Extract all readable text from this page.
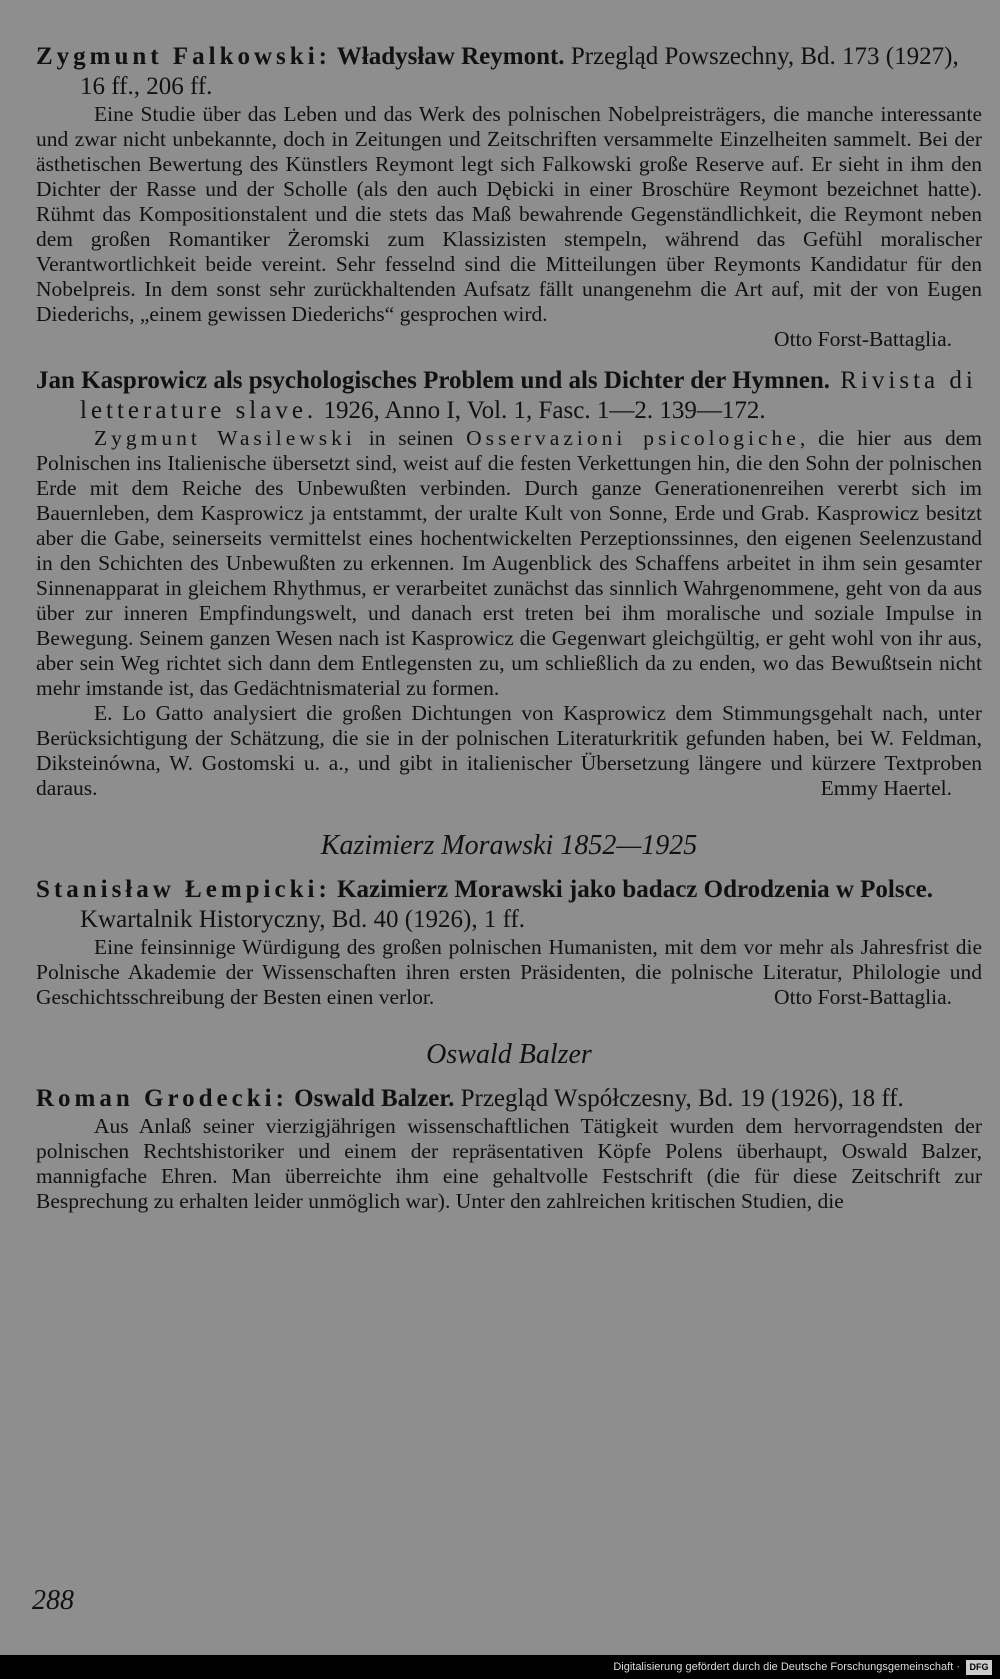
Zygmunt Falkowski: Władysław Reymont. Przegląd Powszechny, Bd. 173 (1927), 16 ff., 206 ff.
Eine Studie über das Leben und das Werk des polnischen Nobelpreisträgers, die manche interessante und zwar nicht unbekannte, doch in Zeitungen und Zeitschriften versammelte Einzelheiten sammelt. Bei der ästhetischen Bewertung des Künstlers Reymont legt sich Falkowski große Reserve auf. Er sieht in ihm den Dichter der Rasse und der Scholle (als den auch Dębicki in einer Broschüre Reymont bezeichnet hatte). Rühmt das Kompositionstalent und die stets das Maß bewahrende Gegenständlichkeit, die Reymont neben dem großen Romantiker Żeromski zum Klassizisten stempeln, während das Gefühl moralischer Verantwortlichkeit beide vereint. Sehr fesselnd sind die Mitteilungen über Reymonts Kandidatur für den Nobelpreis. In dem sonst sehr zurückhaltenden Aufsatz fällt unangenehm die Art auf, mit der von Eugen Diederichs, „einem gewissen Diederichs“ gesprochen wird.
Otto Forst-Battaglia.
Jan Kasprowicz als psychologisches Problem und als Dichter der Hymnen. Rivista di letterature slave. 1926, Anno I, Vol. 1, Fasc. 1—2. 139—172.
Zygmunt Wasilewski in seinen Osservazioni psicologiche, die hier aus dem Polnischen ins Italienische übersetzt sind, weist auf die festen Verkettungen hin, die den Sohn der polnischen Erde mit dem Reiche des Unbewußten verbinden. Durch ganze Generationenreihen vererbt sich im Bauernleben, dem Kasprowicz ja entstammt, der uralte Kult von Sonne, Erde und Grab. Kasprowicz besitzt aber die Gabe, seinerseits vermittelst eines hochentwickelten Perzeptionssinnes, den eigenen Seelenzustand in den Schichten des Unbewußten zu erkennen. Im Augenblick des Schaffens arbeitet in ihm sein gesamter Sinnenapparat in gleichem Rhythmus, er verarbeitet zunächst das sinnlich Wahrgenommene, geht von da aus über zur inneren Empfindungswelt, und danach erst treten bei ihm moralische und soziale Impulse in Bewegung. Seinem ganzen Wesen nach ist Kasprowicz die Gegenwart gleichgültig, er geht wohl von ihr aus, aber sein Weg richtet sich dann dem Entlegensten zu, um schließlich da zu enden, wo das Bewußtsein nicht mehr imstande ist, das Gedächtnismaterial zu formen.
E. Lo Gatto analysiert die großen Dichtungen von Kasprowicz dem Stimmungsgehalt nach, unter Berücksichtigung der Schätzung, die sie in der polnischen Literaturkritik gefunden haben, bei W. Feldman, Diksteinówna, W. Gostomski u. a., und gibt in italienischer Übersetzung längere und kürzere Textproben daraus.	Emmy Haertel.
Kazimierz Morawski 1852—1925
Stanisław Łempicki: Kazimierz Morawski jako badacz Odrodzenia w Polsce. Kwartalnik Historyczny, Bd. 40 (1926), 1 ff.
Eine feinsinnige Würdigung des großen polnischen Humanisten, mit dem vor mehr als Jahresfrist die Polnische Akademie der Wissenschaften ihren ersten Präsidenten, die polnische Literatur, Philologie und Geschichtsschreibung der Besten einen verlor.	Otto Forst-Battaglia.
Oswald Balzer
Roman Grodecki: Oswald Balzer. Przegląd Współczesny, Bd. 19 (1926), 18 ff.
Aus Anlaß seiner vierzigjährigen wissenschaftlichen Tätigkeit wurden dem hervorragendsten der polnischen Rechtshistoriker und einem der repräsentativen Köpfe Polens überhaupt, Oswald Balzer, mannigfache Ehren. Man überreichte ihm eine gehaltvolle Festschrift (die für diese Zeitschrift zur Besprechung zu erhalten leider unmöglich war). Unter den zahlreichen kritischen Studien, die
288
Digitalisierung gefördert durch die Deutsche Forschungsgemeinschaft ·	DFG
